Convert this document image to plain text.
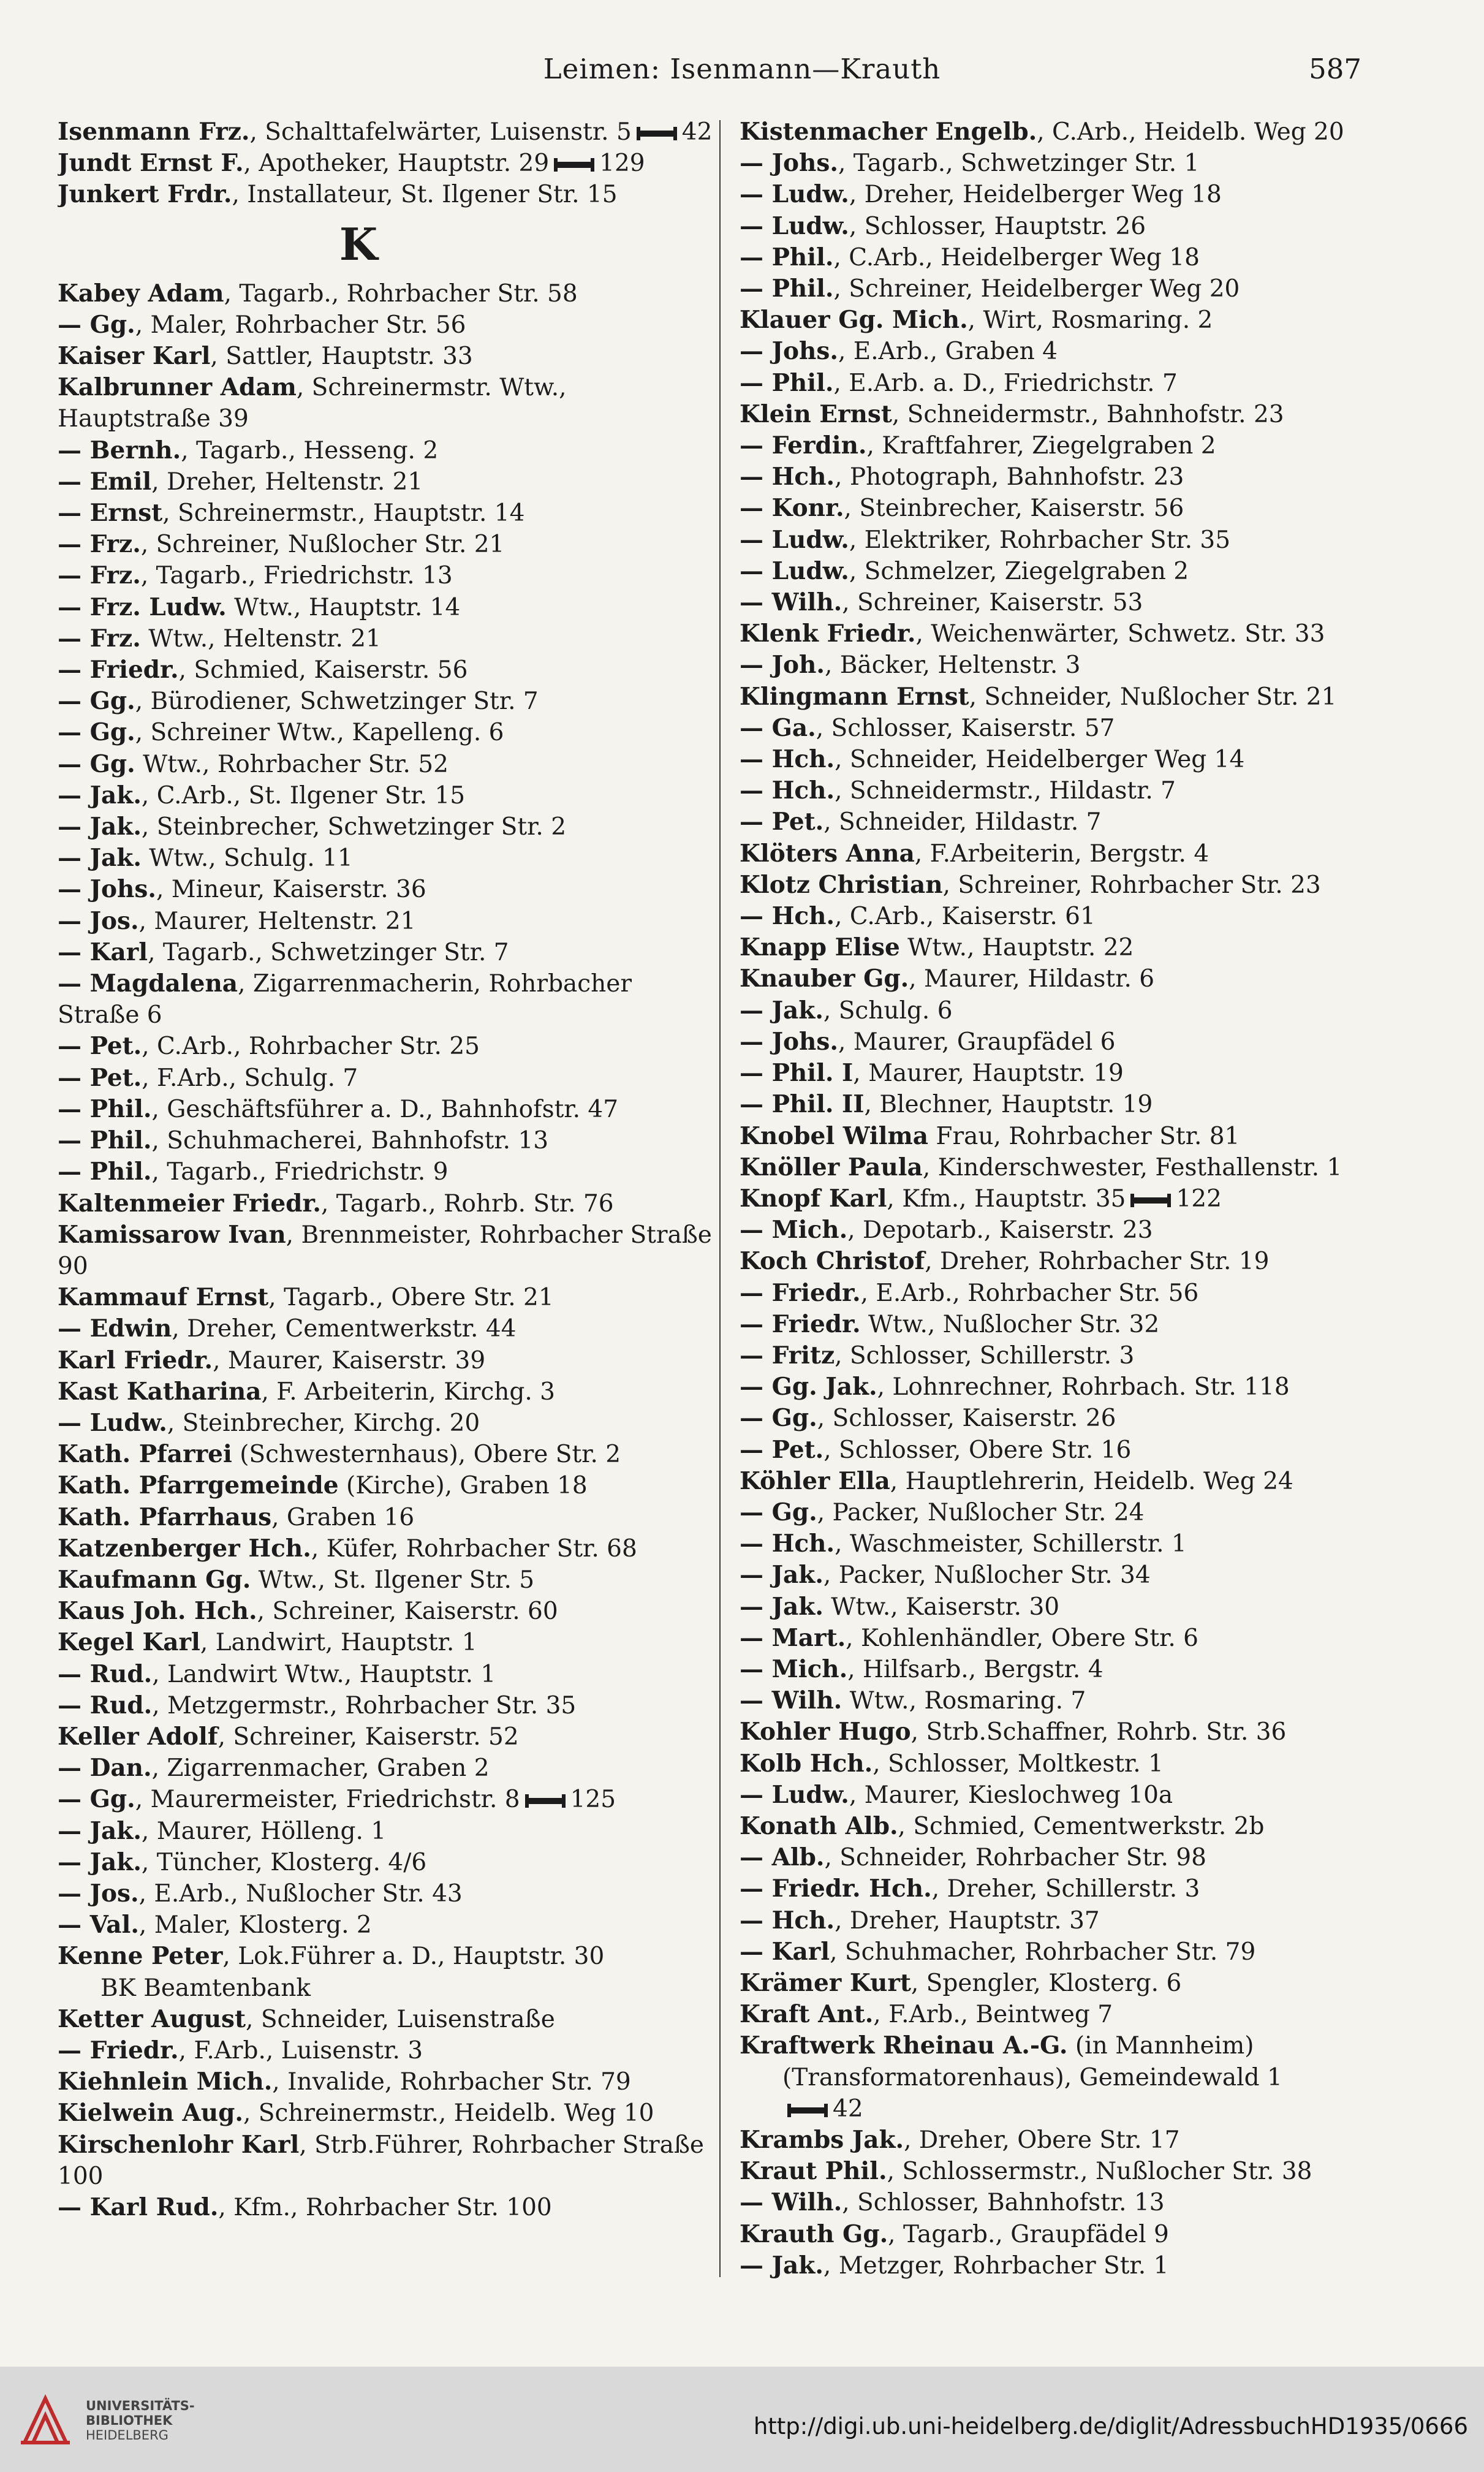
Leimen: Isenmann—Krauth	587
Isenmann Frz., Schalttafelwärter, Luisenstr. 5 42
Jundt Ernst F., Apotheker, Hauptstr. 29 129
Junkert Frdr., Installateur, St. Ilgener Str. 15
K
Kabey Adam, Tagarb., Rohrbacher Str. 58
— Gg., Maler, Rohrbacher Str. 56
Kaiser Karl, Sattler, Hauptstr. 33
Kalbrunner Adam, Schreinermstr. Wtw., Hauptstraße 39
— Bernh., Tagarb., Hesseng. 2
— Emil, Dreher, Heltenstr. 21
— Ernst, Schreinermstr., Hauptstr. 14
— Frz., Schreiner, Nußlocher Str. 21
— Frz., Tagarb., Friedrichstr. 13
— Frz. Ludw. Wtw., Hauptstr. 14
— Frz. Wtw., Heltenstr. 21
— Friedr., Schmied, Kaiserstr. 56
— Gg., Bürodiener, Schwetzinger Str. 7
— Gg., Schreiner Wtw., Kapelleng. 6
— Gg. Wtw., Rohrbacher Str. 52
— Jak., C.Arb., St. Ilgener Str. 15
— Jak., Steinbrecher, Schwetzinger Str. 2
— Jak. Wtw., Schulg. 11
— Johs., Mineur, Kaiserstr. 36
— Jos., Maurer, Heltenstr. 21
— Karl, Tagarb., Schwetzinger Str. 7
— Magdalena, Zigarrenmacherin, Rohrbacher Straße 6
— Pet., C.Arb., Rohrbacher Str. 25
— Pet., F.Arb., Schulg. 7
— Phil., Geschäftsführer a. D., Bahnhofstr. 47
— Phil., Schuhmacherei, Bahnhofstr. 13
— Phil., Tagarb., Friedrichstr. 9
Kaltenmeier Friedr., Tagarb., Rohrb. Str. 76
Kamissarow Ivan, Brennmeister, Rohrbacher Straße 90
Kammauf Ernst, Tagarb., Obere Str. 21
— Edwin, Dreher, Cementwerkstr. 44
Karl Friedr., Maurer, Kaiserstr. 39
Kast Katharina, F. Arbeiterin, Kirchg. 3
— Ludw., Steinbrecher, Kirchg. 20
Kath. Pfarrei (Schwesternhaus), Obere Str. 2
Kath. Pfarrgemeinde (Kirche), Graben 18
Kath. Pfarrhaus, Graben 16
Katzenberger Hch., Küfer, Rohrbacher Str. 68
Kaufmann Gg. Wtw., St. Ilgener Str. 5
Kaus Joh. Hch., Schreiner, Kaiserstr. 60
Kegel Karl, Landwirt, Hauptstr. 1
— Rud., Landwirt Wtw., Hauptstr. 1
— Rud., Metzgermstr., Rohrbacher Str. 35
Keller Adolf, Schreiner, Kaiserstr. 52
— Dan., Zigarrenmacher, Graben 2
— Gg., Maurermeister, Friedrichstr. 8 125
— Jak., Maurer, Hölleng. 1
— Jak., Tüncher, Klosterg. 4/6
— Jos., E.Arb., Nußlocher Str. 43
— Val., Maler, Klosterg. 2
Kenne Peter, Lok.Führer a. D., Hauptstr. 30
BK Beamtenbank
Ketter August, Schneider, Luisenstraße
— Friedr., F.Arb., Luisenstr. 3
Kiehnlein Mich., Invalide, Rohrbacher Str. 79
Kielwein Aug., Schreinermstr., Heidelb. Weg 10
Kirschenlohr Karl, Strb.Führer, Rohrbacher Straße 100
— Karl Rud., Kfm., Rohrbacher Str. 100
Kistenmacher Engelb., C.Arb., Heidelb. Weg 20
— Johs., Tagarb., Schwetzinger Str. 1
— Ludw., Dreher, Heidelberger Weg 18
— Ludw., Schlosser, Hauptstr. 26
— Phil., C.Arb., Heidelberger Weg 18
— Phil., Schreiner, Heidelberger Weg 20
Klauer Gg. Mich., Wirt, Rosmaring. 2
— Johs., E.Arb., Graben 4
— Phil., E.Arb. a. D., Friedrichstr. 7
Klein Ernst, Schneidermstr., Bahnhofstr. 23
— Ferdin., Kraftfahrer, Ziegelgraben 2
— Hch., Photograph, Bahnhofstr. 23
— Konr., Steinbrecher, Kaiserstr. 56
— Ludw., Elektriker, Rohrbacher Str. 35
— Ludw., Schmelzer, Ziegelgraben 2
— Wilh., Schreiner, Kaiserstr. 53
Klenk Friedr., Weichenwärter, Schwetz. Str. 33
— Joh., Bäcker, Heltenstr. 3
Klingmann Ernst, Schneider, Nußlocher Str. 21
— Ga., Schlosser, Kaiserstr. 57
— Hch., Schneider, Heidelberger Weg 14
— Hch., Schneidermstr., Hildastr. 7
— Pet., Schneider, Hildastr. 7
Klöters Anna, F.Arbeiterin, Bergstr. 4
Klotz Christian, Schreiner, Rohrbacher Str. 23
— Hch., C.Arb., Kaiserstr. 61
Knapp Elise Wtw., Hauptstr. 22
Knauber Gg., Maurer, Hildastr. 6
— Jak., Schulg. 6
— Johs., Maurer, Graupfädel 6
— Phil. I, Maurer, Hauptstr. 19
— Phil. II, Blechner, Hauptstr. 19
Knobel Wilma Frau, Rohrbacher Str. 81
Knöller Paula, Kinderschwester, Festhallenstr. 1
Knopf Karl, Kfm., Hauptstr. 35 122
— Mich., Depotarb., Kaiserstr. 23
Koch Christof, Dreher, Rohrbacher Str. 19
— Friedr., E.Arb., Rohrbacher Str. 56
— Friedr. Wtw., Nußlocher Str. 32
— Fritz, Schlosser, Schillerstr. 3
— Gg. Jak., Lohnrechner, Rohrbach. Str. 118
— Gg., Schlosser, Kaiserstr. 26
— Pet., Schlosser, Obere Str. 16
Köhler Ella, Hauptlehrerin, Heidelb. Weg 24
— Gg., Packer, Nußlocher Str. 24
— Hch., Waschmeister, Schillerstr. 1
— Jak., Packer, Nußlocher Str. 34
— Jak. Wtw., Kaiserstr. 30
— Mart., Kohlenhändler, Obere Str. 6
— Mich., Hilfsarb., Bergstr. 4
— Wilh. Wtw., Rosmaring. 7
Kohler Hugo, Strb.Schaffner, Rohrb. Str. 36
Kolb Hch., Schlosser, Moltkestr. 1
— Ludw., Maurer, Kieslochweg 10a
Konath Alb., Schmied, Cementwerkstr. 2b
— Alb., Schneider, Rohrbacher Str. 98
— Friedr. Hch., Dreher, Schillerstr. 3
— Hch., Dreher, Hauptstr. 37
— Karl, Schuhmacher, Rohrbacher Str. 79
Krämer Kurt, Spengler, Klosterg. 6
Kraft Ant., F.Arb., Beintweg 7
Kraftwerk Rheinau A.-G. (in Mannheim)
(Transformatorenhaus), Gemeindewald 1
42
Krambs Jak., Dreher, Obere Str. 17
Kraut Phil., Schlossermstr., Nußlocher Str. 38
— Wilh., Schlosser, Bahnhofstr. 13
Krauth Gg., Tagarb., Graupfädel 9
— Jak., Metzger, Rohrbacher Str. 1
UNIVERSITÄTS-
BIBLIOTHEK
HEIDELBERG	http://digi.ub.uni-heidelberg.de/diglit/AdressbuchHD1935/0666
